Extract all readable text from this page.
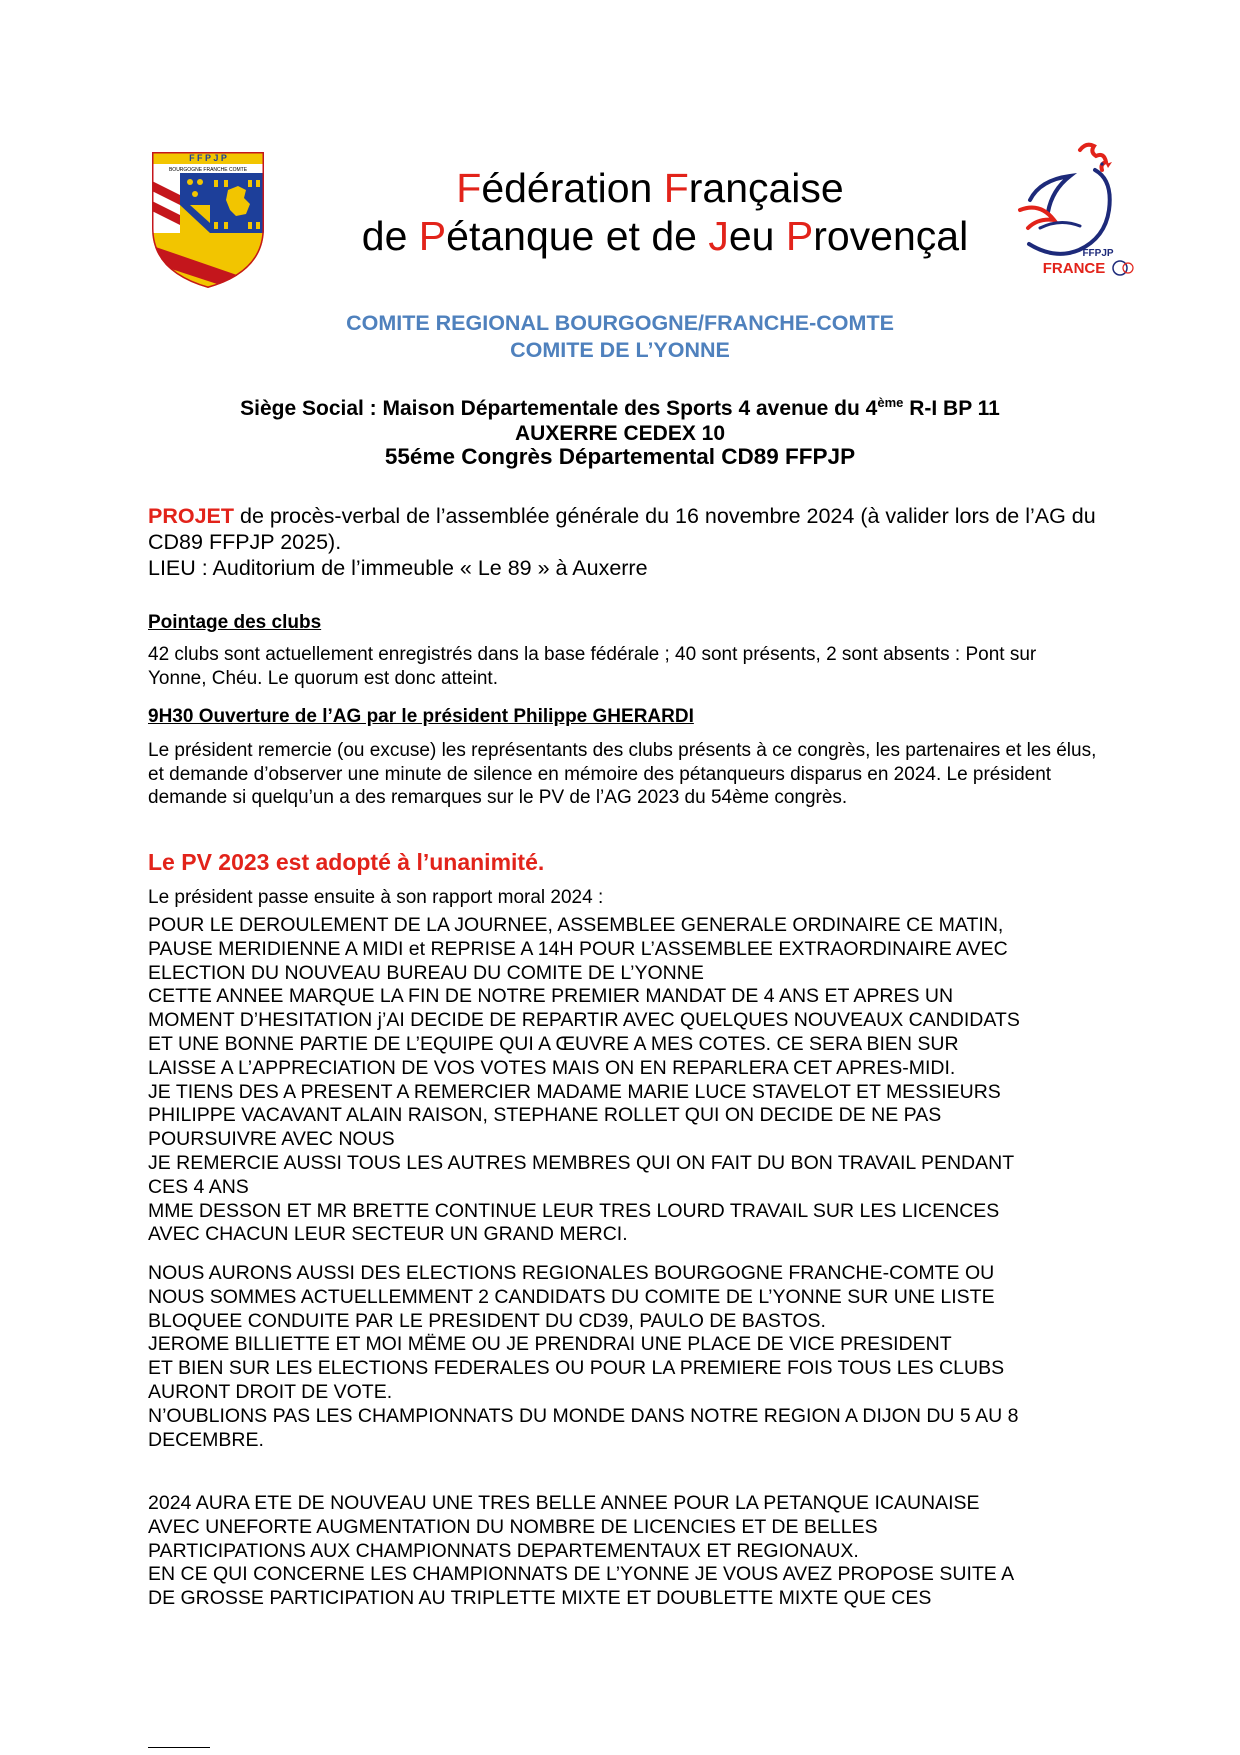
F F P J P
BOURGOGNE FRANCHE COMTE	Fédération Française
de Pétanque et de Jeu Provençal	FFPJP
FRANCE
COMITE REGIONAL BOURGOGNE/FRANCHE-COMTE
COMITE DE L’YONNE
Siège Social : Maison Départementale des Sports 4 avenue du 4ème R-I BP 11
AUXERRE CEDEX 10
55éme Congrès Départemental CD89 FFPJP
PROJET de procès-verbal de l’assemblée générale du 16 novembre 2024 (à valider lors de l’AG du CD89 FFPJP 2025).
LIEU : Auditorium de l’immeuble « Le 89 » à Auxerre
Pointage des clubs
42 clubs sont actuellement enregistrés dans la base fédérale ; 40 sont présents, 2 sont absents : Pont sur Yonne, Chéu. Le quorum est donc atteint.
9H30 Ouverture de l’AG par le président Philippe GHERARDI
Le président remercie (ou excuse) les représentants des clubs présents à ce congrès, les partenaires et les élus, et demande d’observer une minute de silence en mémoire des pétanqueurs disparus en 2024. Le président demande si quelqu’un a des remarques sur le PV de l’AG 2023 du 54ème congrès.
Le PV 2023 est adopté à l’unanimité.
Le président passe ensuite à son rapport moral 2024 :
POUR LE DEROULEMENT DE LA JOURNEE, ASSEMBLEE GENERALE ORDINAIRE CE MATIN,
PAUSE MERIDIENNE A MIDI et REPRISE A 14H POUR L’ASSEMBLEE EXTRAORDINAIRE AVEC
ELECTION DU NOUVEAU BUREAU DU COMITE DE L’YONNE
CETTE ANNEE MARQUE LA FIN DE NOTRE PREMIER MANDAT DE 4 ANS ET APRES UN
MOMENT D’HESITATION j’AI DECIDE DE REPARTIR AVEC QUELQUES NOUVEAUX CANDIDATS
ET UNE BONNE PARTIE DE L’EQUIPE QUI A ŒUVRE A MES COTES. CE SERA BIEN SUR
LAISSE A L’APPRECIATION DE VOS VOTES MAIS ON EN REPARLERA CET APRES-MIDI.
JE TIENS DES A PRESENT A REMERCIER MADAME MARIE LUCE STAVELOT ET MESSIEURS
PHILIPPE VACAVANT ALAIN RAISON, STEPHANE ROLLET QUI ON DECIDE DE NE PAS
POURSUIVRE AVEC NOUS
JE REMERCIE AUSSI TOUS LES AUTRES MEMBRES QUI ON FAIT DU BON TRAVAIL PENDANT
CES 4 ANS
MME DESSON ET MR BRETTE CONTINUE LEUR TRES LOURD TRAVAIL SUR LES LICENCES
AVEC CHACUN LEUR SECTEUR UN GRAND MERCI.
NOUS AURONS AUSSI DES ELECTIONS REGIONALES BOURGOGNE FRANCHE-COMTE OU
NOUS SOMMES ACTUELLEMMENT 2 CANDIDATS DU COMITE DE L’YONNE SUR UNE LISTE
BLOQUEE CONDUITE PAR LE PRESIDENT DU CD39, PAULO DE BASTOS.
JEROME BILLIETTE ET MOI MËME OU JE PRENDRAI UNE PLACE DE VICE PRESIDENT
ET BIEN SUR LES ELECTIONS FEDERALES OU POUR LA PREMIERE FOIS TOUS LES CLUBS
AURONT DROIT DE VOTE.
N’OUBLIONS PAS LES CHAMPIONNATS DU MONDE DANS NOTRE REGION A DIJON DU 5 AU 8
DECEMBRE.
2024 AURA ETE DE NOUVEAU UNE TRES BELLE ANNEE POUR LA PETANQUE ICAUNAISE
AVEC UNEFORTE AUGMENTATION DU NOMBRE DE LICENCIES ET DE BELLES
PARTICIPATIONS AUX CHAMPIONNATS DEPARTEMENTAUX ET REGIONAUX.
EN CE QUI CONCERNE LES CHAMPIONNATS DE L’YONNE JE VOUS AVEZ PROPOSE SUITE A
DE GROSSE PARTICIPATION AU TRIPLETTE MIXTE ET DOUBLETTE MIXTE QUE CES
